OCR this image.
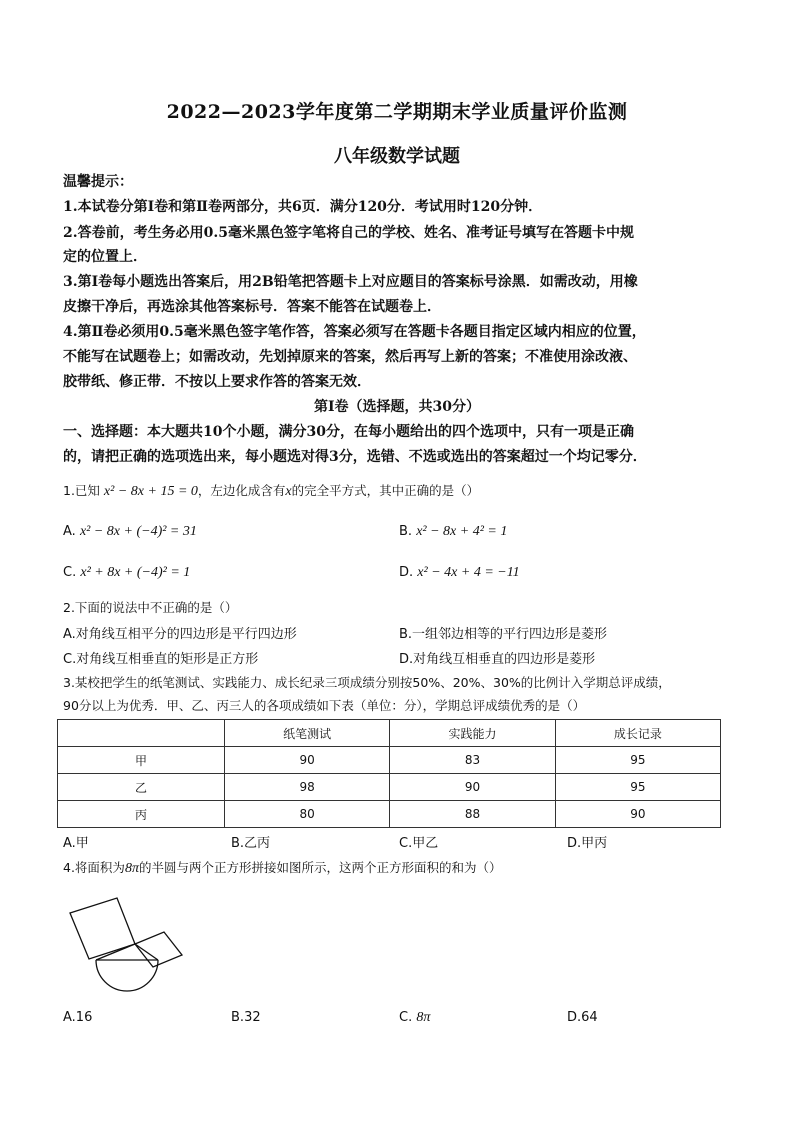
2022—2023学年度第二学期期末学业质量评价监测
八年级数学试题
温馨提示：
1.本试卷分第Ⅰ卷和第Ⅱ卷两部分，共6页．满分120分．考试用时120分钟．
2.答卷前，考生务必用0.5毫米黑色签字笔将自己的学校、姓名、准考证号填写在答题卡中规
定的位置上．
3.第Ⅰ卷每小题选出答案后，用2B铅笔把答题卡上对应题目的答案标号涂黑．如需改动，用橡
皮擦干净后，再选涂其他答案标号．答案不能答在试题卷上．
4.第Ⅱ卷必须用0.5毫米黑色签字笔作答，答案必须写在答题卡各题目指定区域内相应的位置，
不能写在试题卷上；如需改动，先划掉原来的答案，然后再写上新的答案；不准使用涂改液、
胶带纸、修正带．不按以上要求作答的答案无效．
第Ⅰ卷（选择题，共30分）
一、选择题：本大题共10个小题，满分30分，在每小题给出的四个选项中，只有一项是正确
的，请把正确的选项选出来，每小题选对得3分，选错、不选或选出的答案超过一个均记零分．
1.已知 x² − 8x + 15 = 0，左边化成含有x的完全平方式，其中正确的是（）
A. x² − 8x + (−4)² = 31	B. x² − 8x + 4² = 1
C. x² + 8x + (−4)² = 1	D. x² − 4x + 4 = −11
2.下面的说法中不正确的是（）
A.对角线互相平分的四边形是平行四边形	B.一组邻边相等的平行四边形是菱形
C.对角线互相垂直的矩形是正方形	D.对角线互相垂直的四边形是菱形
3.某校把学生的纸笔测试、实践能力、成长纪录三项成绩分别按50%、20%、30%的比例计入学期总评成绩，
90分以上为优秀．甲、乙、丙三人的各项成绩如下表（单位：分），学期总评成绩优秀的是（）
	纸笔测试	实践能力	成长记录
甲	90	83	95
乙	98	90	95
丙	80	88	90
A.甲	B.乙丙	C.甲乙	D.甲丙
4.将面积为8π的半圆与两个正方形拼接如图所示，这两个正方形面积的和为（）
A.16	B.32	C. 8π	D.64
